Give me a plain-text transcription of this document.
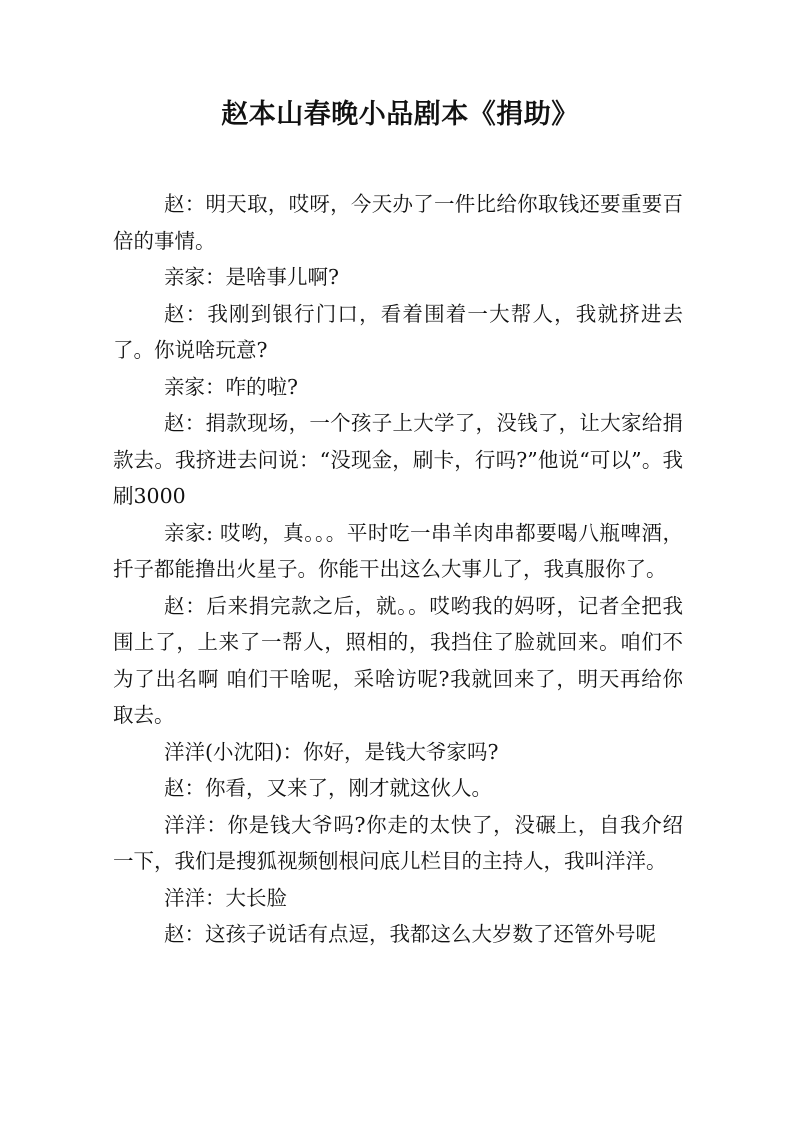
赵本山春晚小品剧本《捐助》

赵：明天取，哎呀，今天办了一件比给你取钱还要重要百倍的事情。

亲家：是啥事儿啊?

赵：我刚到银行门口，看着围着一大帮人，我就挤进去了。你说啥玩意?

亲家：咋的啦?

赵：捐款现场，一个孩子上大学了，没钱了，让大家给捐款去。我挤进去问说：“没现金，刷卡，行吗?”他说“可以”。我刷3000

亲家: 哎哟，真。。。平时吃一串羊肉串都要喝八瓶啤酒，扦子都能撸出火星子。你能干出这么大事儿了，我真服你了。

赵：后来捐完款之后，就。。哎哟我的妈呀，记者全把我围上了，上来了一帮人，照相的，我挡住了脸就回来。咱们不为了出名啊 咱们干啥呢，采啥访呢?我就回来了，明天再给你取去。

洋洋(小沈阳)：你好，是钱大爷家吗?

赵：你看，又来了，刚才就这伙人。

洋洋：你是钱大爷吗?你走的太快了，没碾上，自我介绍一下，我们是搜狐视频刨根问底儿栏目的主持人，我叫洋洋。

洋洋：大长脸

赵：这孩子说话有点逗，我都这么大岁数了还管外号呢
